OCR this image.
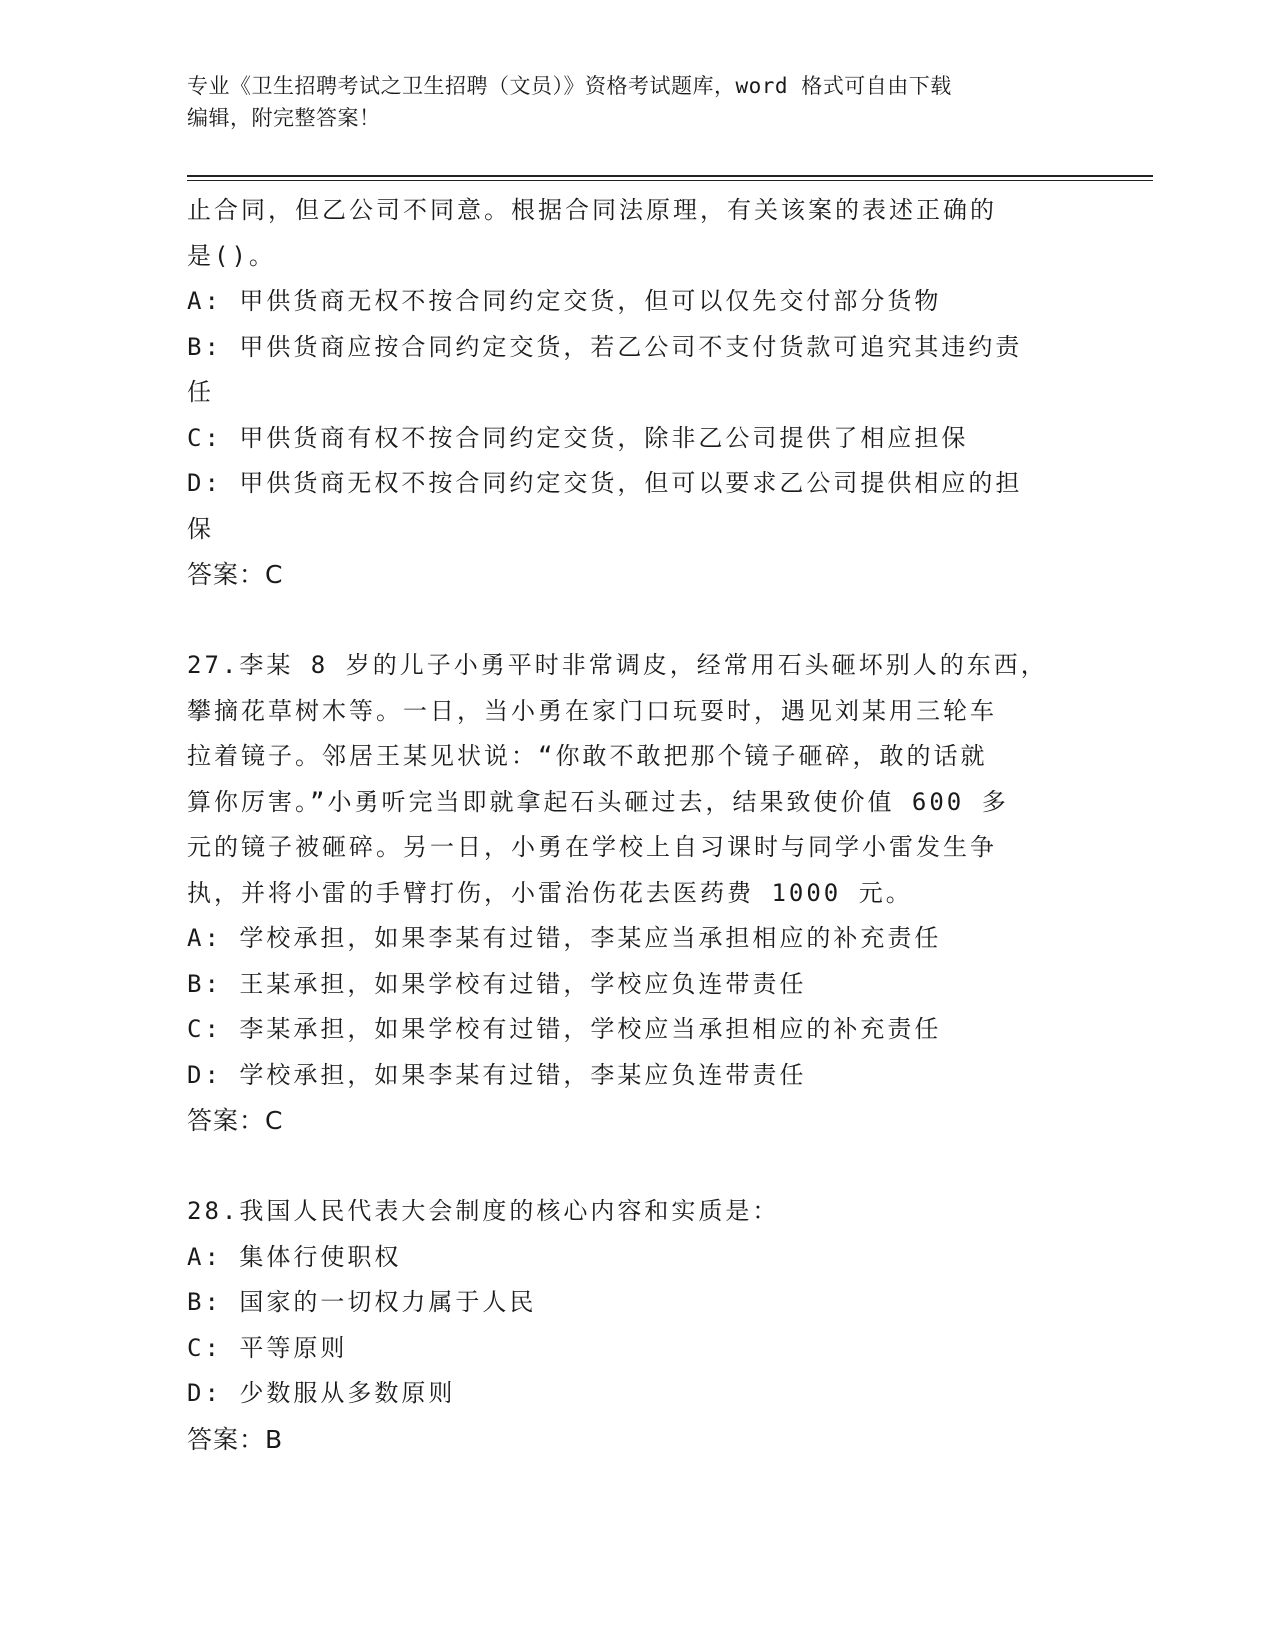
专业《卫生招聘考试之卫生招聘（文员）》资格考试题库，word 格式可自由下载
编辑，附完整答案！
止合同，但乙公司不同意。根据合同法原理，有关该案的表述正确的
是()。
A: 甲供货商无权不按合同约定交货，但可以仅先交付部分货物
B: 甲供货商应按合同约定交货，若乙公司不支付货款可追究其违约责
任
C: 甲供货商有权不按合同约定交货，除非乙公司提供了相应担保
D: 甲供货商无权不按合同约定交货，但可以要求乙公司提供相应的担
保
答案：C
27.李某 8 岁的儿子小勇平时非常调皮，经常用石头砸坏别人的东西，
攀摘花草树木等。一日，当小勇在家门口玩耍时，遇见刘某用三轮车
拉着镜子。邻居王某见状说：“你敢不敢把那个镜子砸碎，敢的话就
算你厉害。”小勇听完当即就拿起石头砸过去，结果致使价值 600 多
元的镜子被砸碎。另一日，小勇在学校上自习课时与同学小雷发生争
执，并将小雷的手臂打伤，小雷治伤花去医药费 1000 元。
A: 学校承担，如果李某有过错，李某应当承担相应的补充责任
B: 王某承担，如果学校有过错，学校应负连带责任
C: 李某承担，如果学校有过错，学校应当承担相应的补充责任
D: 学校承担，如果李某有过错，李某应负连带责任
答案：C
28.我国人民代表大会制度的核心内容和实质是：
A: 集体行使职权
B: 国家的一切权力属于人民
C: 平等原则
D: 少数服从多数原则
答案：B
